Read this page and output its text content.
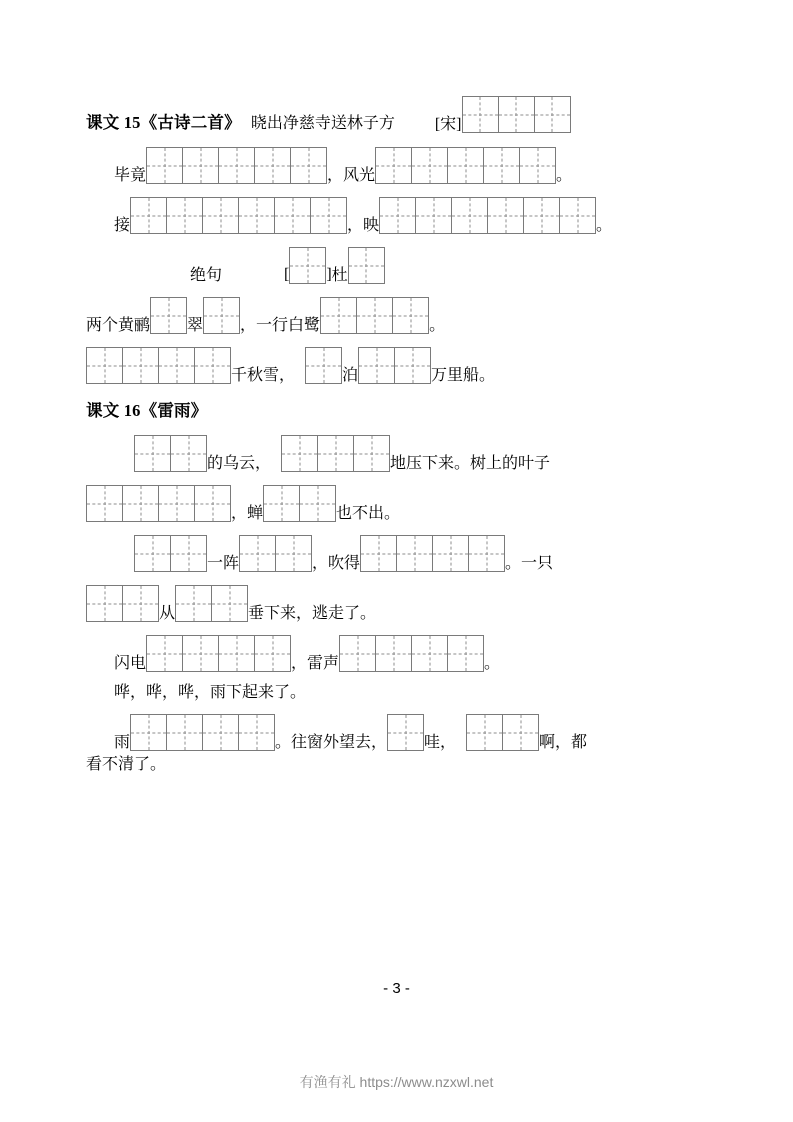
课文 15《古诗二首》 晓出净慈寺送林子方	[宋]
毕竟	， 风光	。
接	， 映	。
绝句	[ ] 杜
两个黄鹂 翠 ， 一行白鹭	。
千秋雪，	泊	万里船。
课文 16《雷雨》
的乌云，	地压下来。树上的叶子
，蝉	也不出。
一阵	，吹得	。一只
从	垂下来，逃走了。
闪电	，雷声	。
哗，哗，哗，雨下起来了。
雨	。往窗外望去， 哇，	啊，都
看不清了。
- 3 -
有渔有礼 https://www.nzxwl.net
